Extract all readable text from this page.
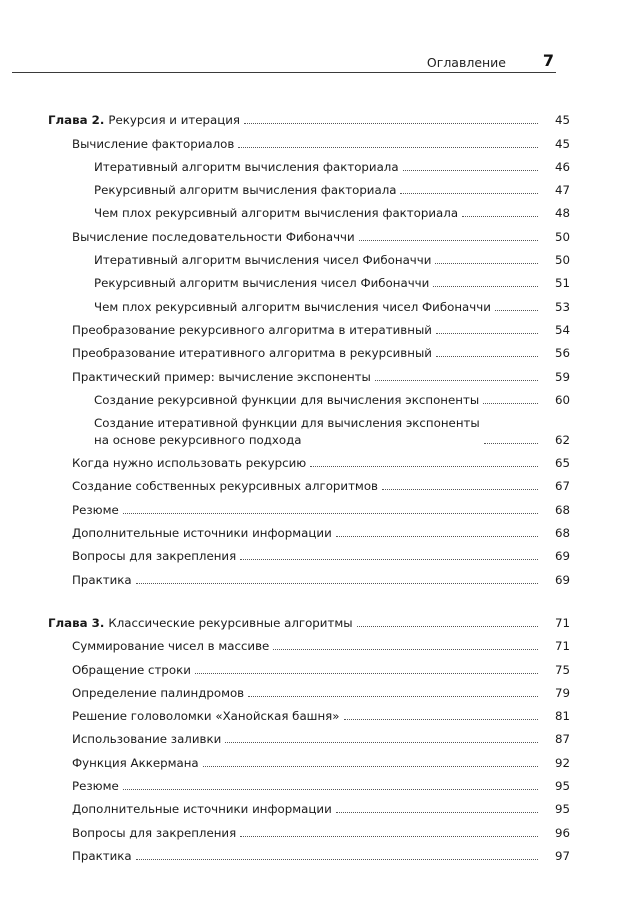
Оглавление 7
Глава 2. Рекурсия и итерация	45
Вычисление факториалов	45
Итеративный алгоритм вычисления факториала	46
Рекурсивный алгоритм вычисления факториала	47
Чем плох рекурсивный алгоритм вычисления факториала	48
Вычисление последовательности Фибоначчи	50
Итеративный алгоритм вычисления чисел Фибоначчи	50
Рекурсивный алгоритм вычисления чисел Фибоначчи	51
Чем плох рекурсивный алгоритм вычисления чисел Фибоначчи	53
Преобразование рекурсивного алгоритма в итеративный	54
Преобразование итеративного алгоритма в рекурсивный	56
Практический пример: вычисление экспоненты	59
Создание рекурсивной функции для вычисления экспоненты	60
Создание итеративной функции для вычисления экспоненты
на основе рекурсивного подхода	62
Когда нужно использовать рекурсию	65
Создание собственных рекурсивных алгоритмов	67
Резюме	68
Дополнительные источники информации	68
Вопросы для закрепления	69
Практика	69
Глава 3. Классические рекурсивные алгоритмы	71
Суммирование чисел в массиве	71
Обращение строки	75
Определение палиндромов	79
Решение головоломки «Ханойская башня»	81
Использование заливки	87
Функция Аккермана	92
Резюме	95
Дополнительные источники информации	95
Вопросы для закрепления	96
Практика	97
